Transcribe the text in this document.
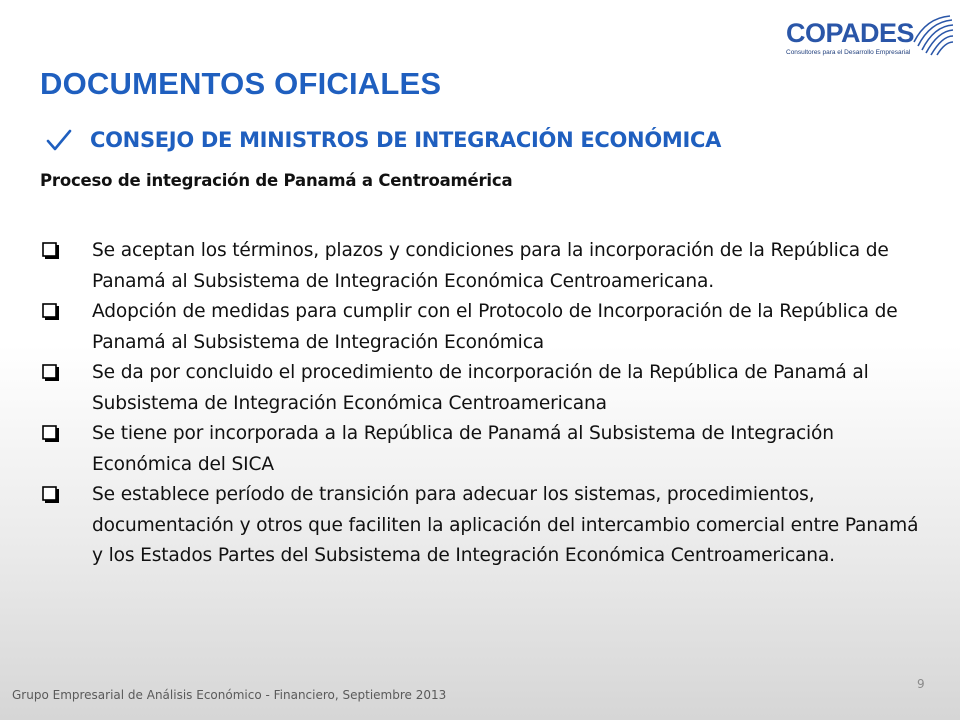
COPADES
Consultores para el Desarrollo Empresarial
DOCUMENTOS OFICIALES
CONSEJO DE MINISTROS DE INTEGRACIÓN ECONÓMICA
Proceso de integración de Panamá a Centroamérica
Se aceptan los términos, plazos y condiciones para la incorporación de la República de Panamá al Subsistema de Integración Económica Centroamericana.
Adopción de medidas para cumplir con el Protocolo de Incorporación de la República de Panamá al Subsistema de Integración Económica
Se da por concluido el procedimiento de incorporación de la República de Panamá al Subsistema de Integración Económica Centroamericana
Se tiene por incorporada a la República de Panamá al Subsistema de Integración Económica del SICA
Se establece período de transición para adecuar los sistemas, procedimientos, documentación y otros que faciliten la aplicación del intercambio comercial entre Panamá y los Estados Partes del Subsistema de Integración Económica Centroamericana.
Grupo Empresarial de Análisis Económico - Financiero, Septiembre 2013
9
